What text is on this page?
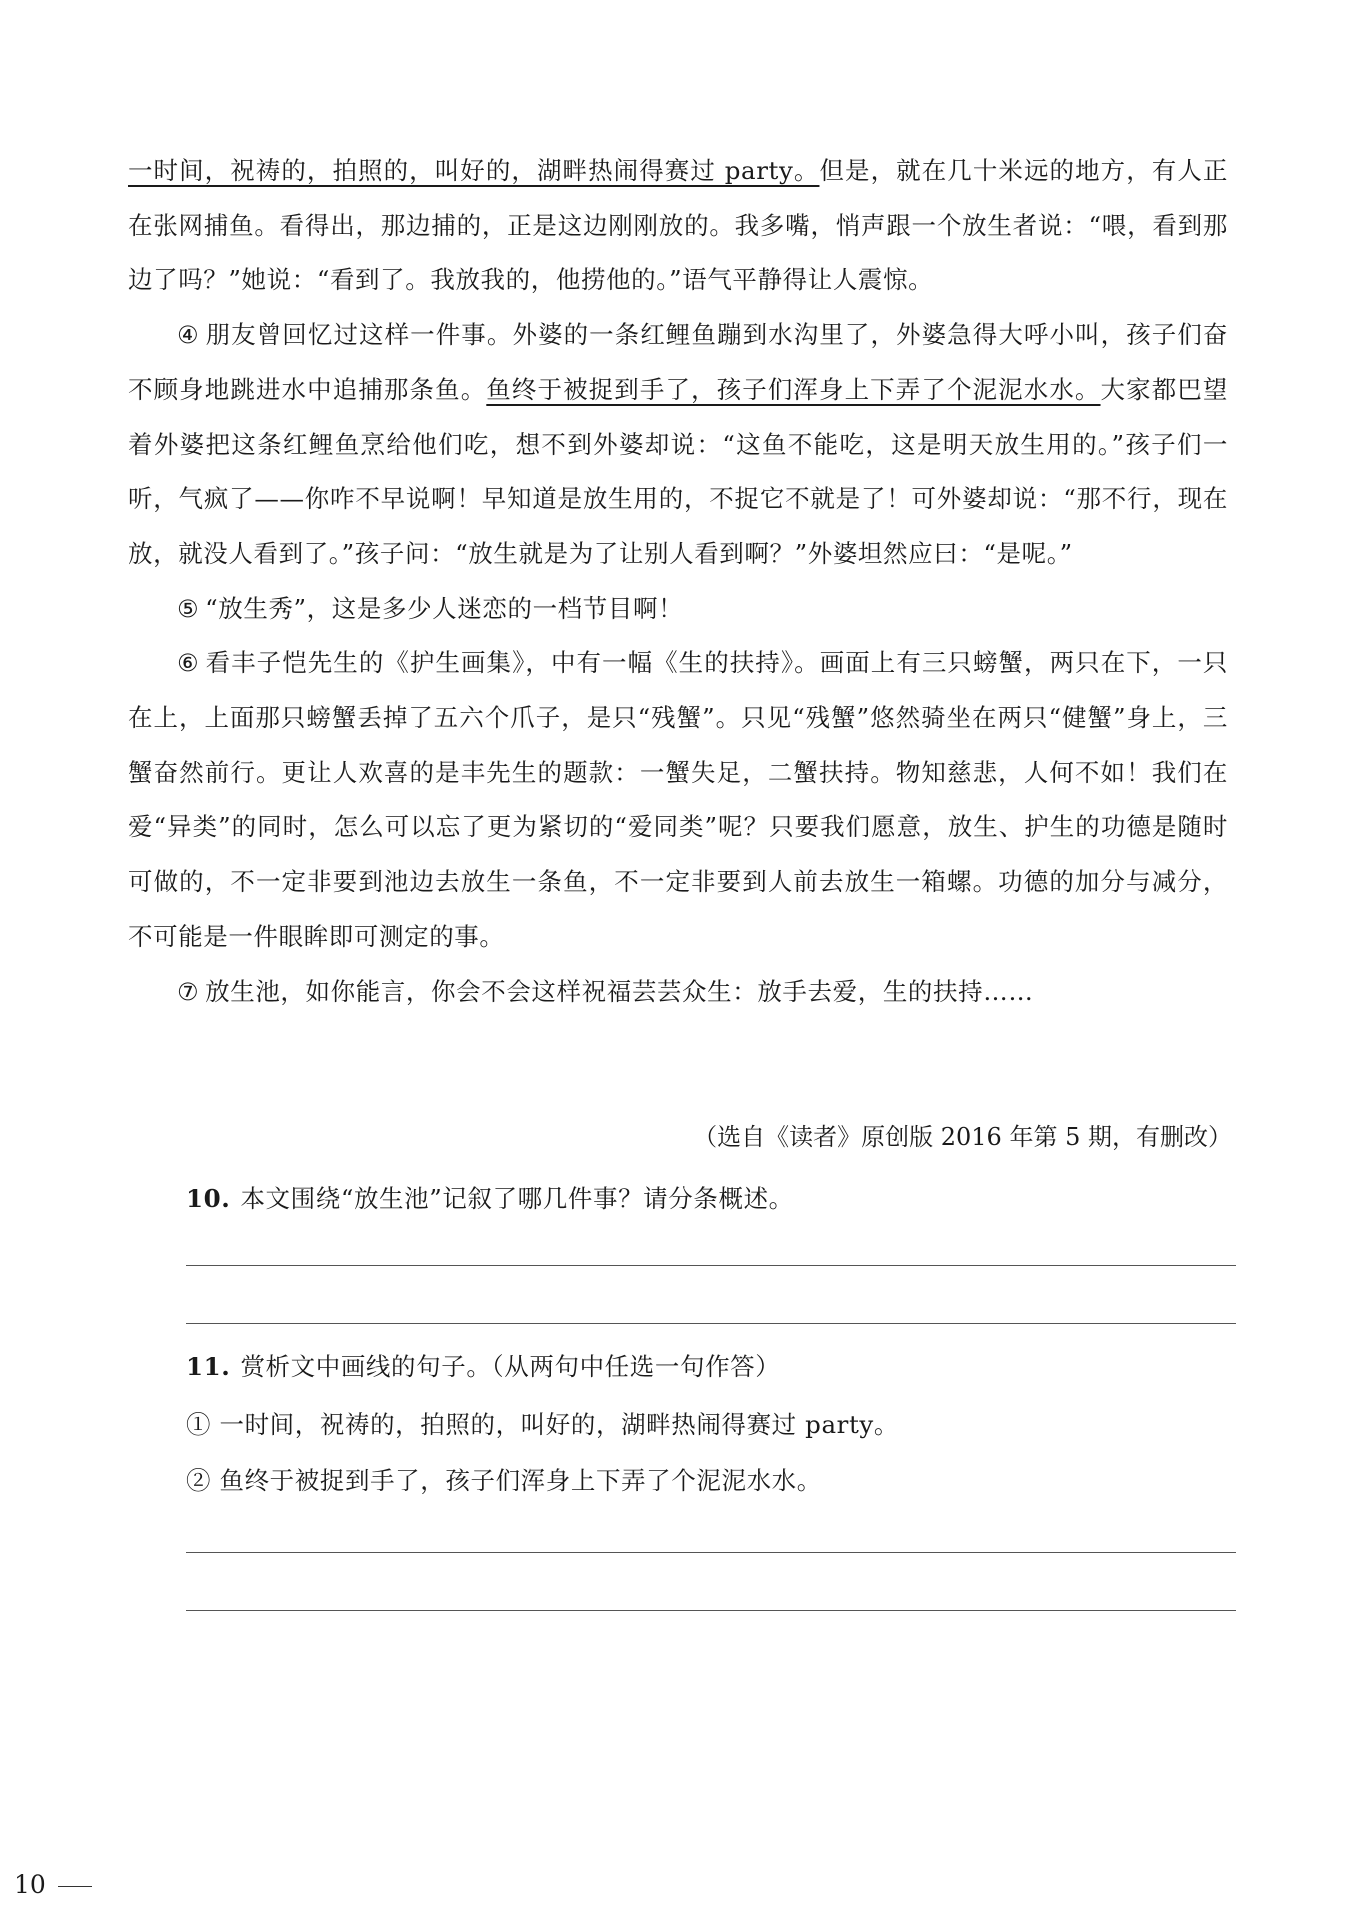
一时间，祝祷的，拍照的，叫好的，湖畔热闹得赛过 party。但是，就在几十米远的地方，有人正在张网捕鱼。看得出，那边捕的，正是这边刚刚放的。我多嘴，悄声跟一个放生者说：“喂，看到那边了吗？”她说：“看到了。我放我的，他捞他的。”语气平静得让人震惊。

④ 朋友曾回忆过这样一件事。外婆的一条红鲤鱼蹦到水沟里了，外婆急得大呼小叫，孩子们奋不顾身地跳进水中追捕那条鱼。鱼终于被捉到手了，孩子们浑身上下弄了个泥泥水水。大家都巴望着外婆把这条红鲤鱼烹给他们吃，想不到外婆却说：“这鱼不能吃，这是明天放生用的。”孩子们一听，气疯了——你咋不早说啊！早知道是放生用的，不捉它不就是了！可外婆却说：“那不行，现在放，就没人看到了。”孩子问：“放生就是为了让别人看到啊？”外婆坦然应曰：“是呢。”

⑤ “放生秀”，这是多少人迷恋的一档节目啊！

⑥ 看丰子恺先生的《护生画集》，中有一幅《生的扶持》。画面上有三只螃蟹，两只在下，一只在上，上面那只螃蟹丢掉了五六个爪子，是只“残蟹”。只见“残蟹”悠然骑坐在两只“健蟹”身上，三蟹奋然前行。更让人欢喜的是丰先生的题款：一蟹失足，二蟹扶持。物知慈悲，人何不如！我们在爱“异类”的同时，怎么可以忘了更为紧切的“爱同类”呢？只要我们愿意，放生、护生的功德是随时可做的，不一定非要到池边去放生一条鱼，不一定非要到人前去放生一箱螺。功德的加分与减分，不可能是一件眼眸即可测定的事。

⑦ 放生池，如你能言，你会不会这样祝福芸芸众生：放手去爱，生的扶持……

（选自《读者》原创版 2016 年第 5 期，有删改）
10. 本文围绕“放生池”记叙了哪几件事？请分条概述。
11. 赏析文中画线的句子。（从两句中任选一句作答）
① 一时间，祝祷的，拍照的，叫好的，湖畔热闹得赛过 party。
② 鱼终于被捉到手了，孩子们浑身上下弄了个泥泥水水。
10
